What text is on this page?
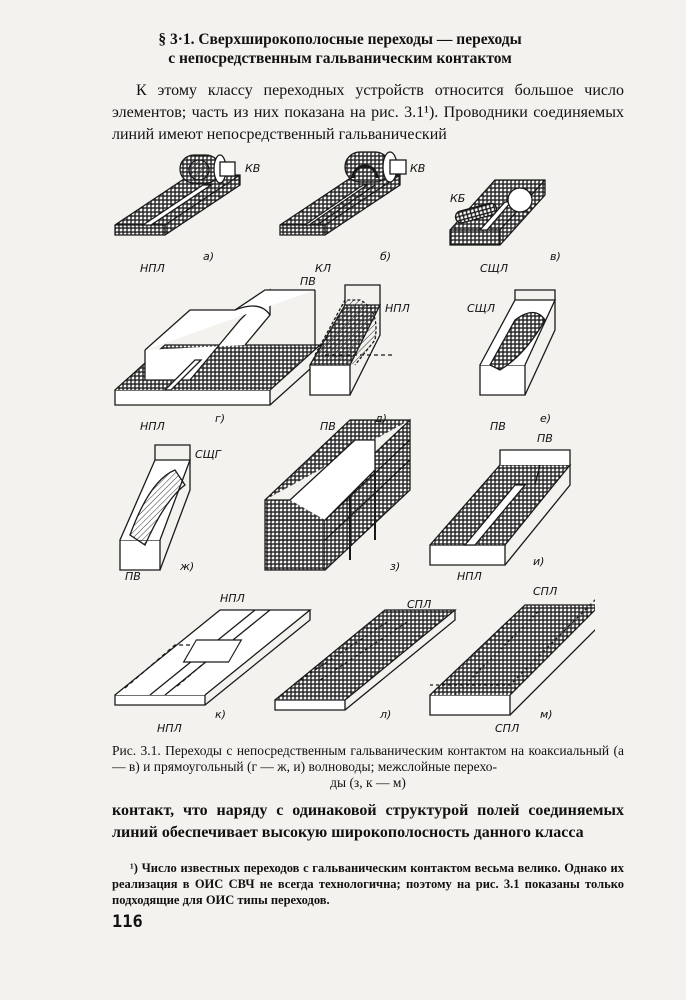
§ 3·1. Сверхширокополосные переходы — переходы
с непосредственным гальваническим контактом
К этому классу переходных устройств относится большое число элементов; часть из них показана на рис. 3.1¹). Проводники соединяемых линий имеют непосредственный гальванический
а)	б)	в)
г)	д)	е)
ж)	з)	и)
к)	л)	м)
НПЛ	КЛ	СЩЛ
НПЛ	ПВ	ПВ
ПВ	НПЛ
НПЛ	СПЛ
КВ	КВ
КБ
ПВ
НПЛ	СЩЛ
СЩГ
ПВ
НПЛ	СПЛ
СПЛ
Рис. 3.1. Переходы с непосредственным гальваническим контактом на коаксиальный (а — в) и прямоугольный (г — ж, и) волноводы; межслойные перехо-
ды (з, к — м)
контакт, что наряду с одинаковой структурой полей соединяемых линий обеспечивает высокую широкополосность данного класса
¹) Число известных переходов с гальваническим контактом весьма велико. Однако их реализация в ОИС СВЧ не всегда технологична; поэтому на рис. 3.1 показаны только подходящие для ОИС типы переходов.
116
